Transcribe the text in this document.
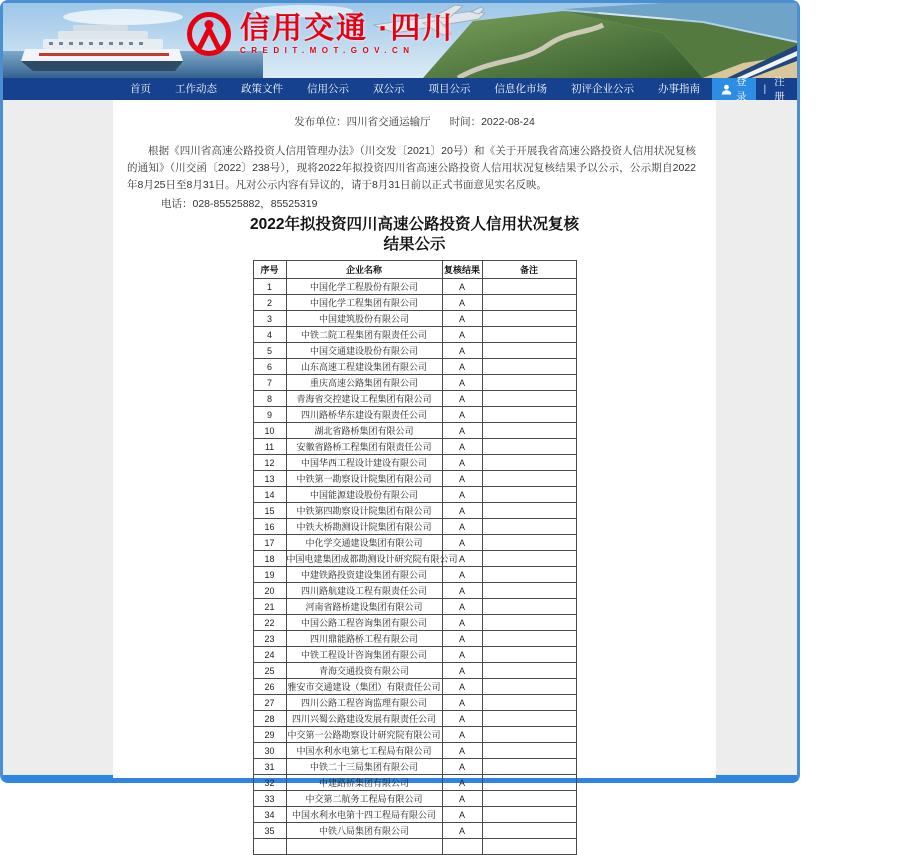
信用交通 ·四川
CREDIT.MOT.GOV.CN
首页	工作动态	政策文件	信用公示	双公示	项目公示	信息化市场	初评企业公示	办事指南
登录
|
注册
发布单位：四川省交通运输厅 时间：2022-08-24

根据《四川省高速公路投资人信用管理办法》（川交发〔2021〕20号）和《关于开展我省高速公路投资人信用状况复核的通知》（川交函〔2022〕238号），现将2022年拟投资四川省高速公路投资人信用状况复核结果予以公示，公示期自2022年8月25日至8月31日。凡对公示内容有异议的，请于8月31日前以正式书面意见实名反映。

电话：028-85525882，85525319

2022年拟投资四川高速公路投资人信用状况复核
结果公示
序号	企业名称	复核结果	备注
1	中国化学工程股份有限公司	A	
2	中国化学工程集团有限公司	A	
3	中国建筑股份有限公司	A	
4	中铁二院工程集团有限责任公司	A	
5	中国交通建设股份有限公司	A	
6	山东高速工程建设集团有限公司	A	
7	重庆高速公路集团有限公司	A	
8	青海省交控建设工程集团有限公司	A	
9	四川路桥华东建设有限责任公司	A	
10	湖北省路桥集团有限公司	A	
11	安徽省路桥工程集团有限责任公司	A	
12	中国华西工程设计建设有限公司	A	
13	中铁第一勘察设计院集团有限公司	A	
14	中国能源建设股份有限公司	A	
15	中铁第四勘察设计院集团有限公司	A	
16	中铁大桥勘测设计院集团有限公司	A	
17	中化学交通建设集团有限公司	A	
18	中国电建集团成都勘测设计研究院有限公司	A	
19	中建铁路投资建设集团有限公司	A	
20	四川路航建设工程有限责任公司	A	
21	河南省路桥建设集团有限公司	A	
22	中国公路工程咨询集团有限公司	A	
23	四川鼎能路桥工程有限公司	A	
24	中铁工程设计咨询集团有限公司	A	
25	青海交通投资有限公司	A	
26	雅安市交通建设（集团）有限责任公司	A	
27	四川公路工程咨询监理有限公司	A	
28	四川兴蜀公路建设发展有限责任公司	A	
29	中交第一公路勘察设计研究院有限公司	A	
30	中国水利水电第七工程局有限公司	A	
31	中铁二十三局集团有限公司	A	
32	中建路桥集团有限公司	A	
33	中交第二航务工程局有限公司	A	
34	中国水利水电第十四工程局有限公司	A	
35	中铁八局集团有限公司	A	
